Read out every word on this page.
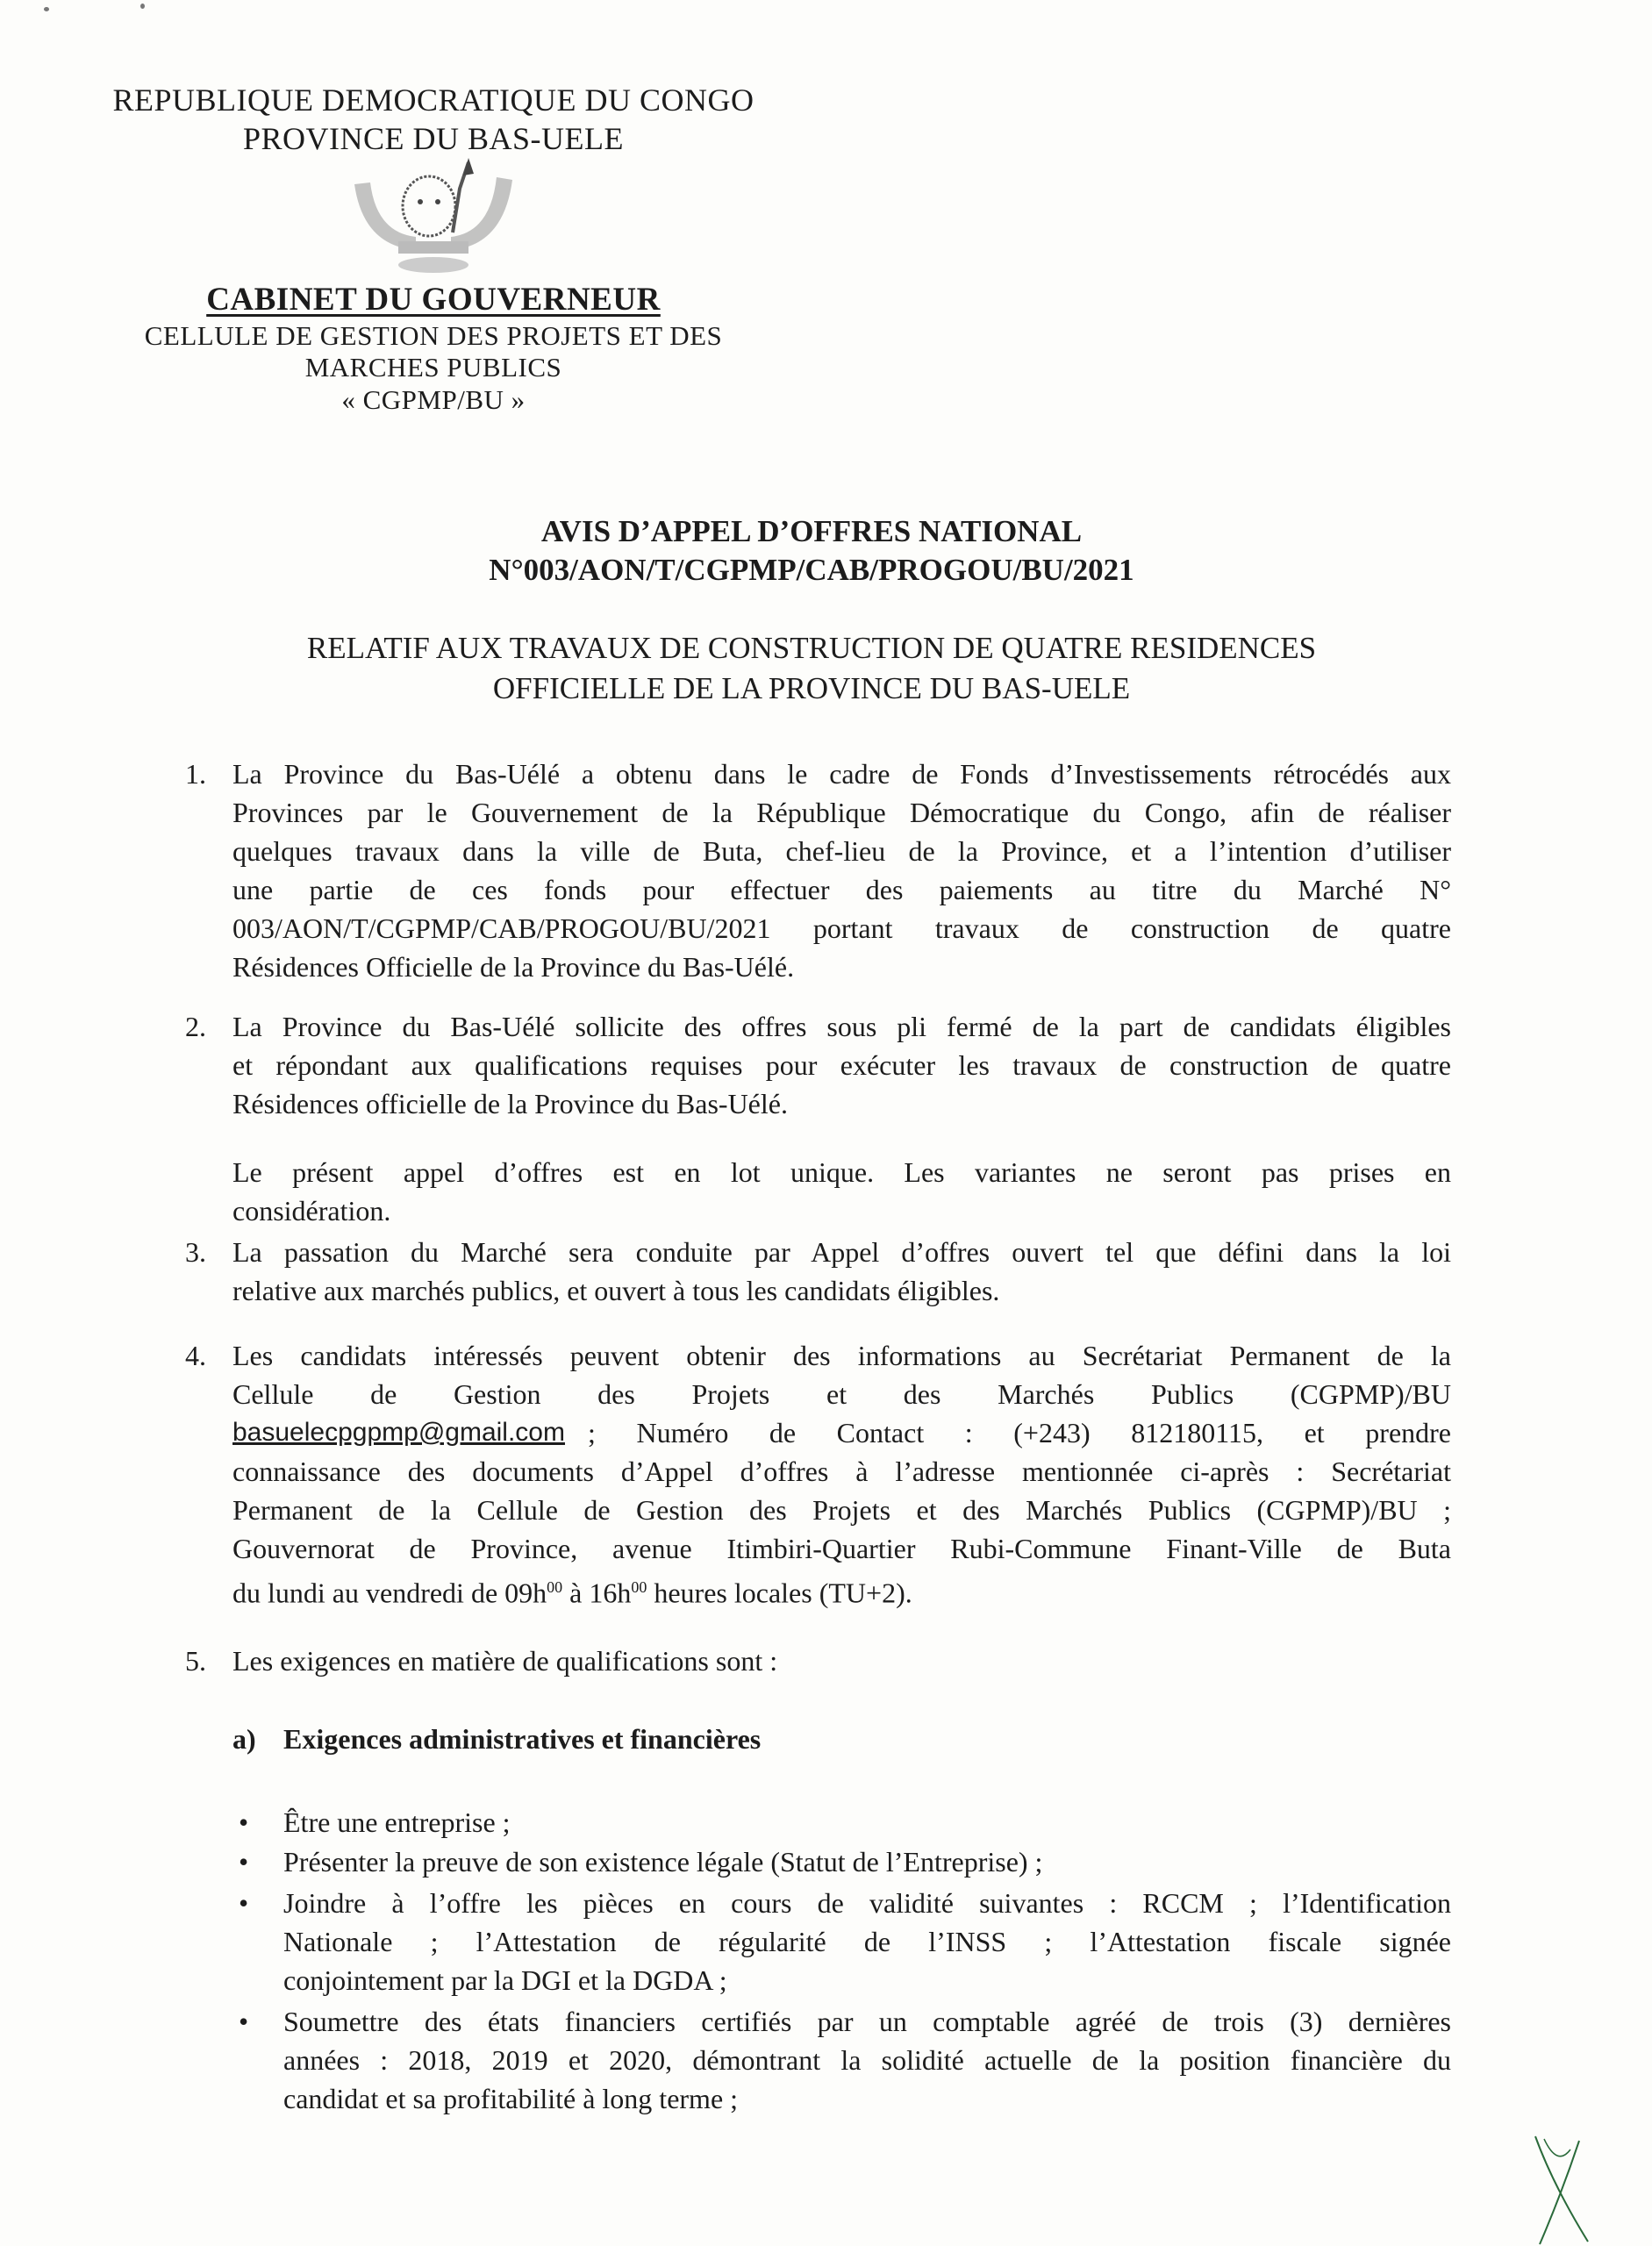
REPUBLIQUE DEMOCRATIQUE DU CONGO
PROVINCE DU BAS-UELE
CABINET DU GOUVERNEUR
CELLULE DE GESTION DES PROJETS ET DES
MARCHES PUBLICS
« CGPMP/BU »
AVIS D’APPEL D’OFFRES NATIONAL
N°003/AON/T/CGPMP/CAB/PROGOU/BU/2021
RELATIF AUX TRAVAUX DE CONSTRUCTION DE QUATRE RESIDENCES
OFFICIELLE DE LA PROVINCE DU BAS-UELE
1. La Province du Bas-Uélé a obtenu dans le cadre de Fonds d’Investissements rétrocédés aux
Provinces par le Gouvernement de la République Démocratique du Congo, afin de réaliser
quelques travaux dans la ville de Buta, chef-lieu de la Province, et a l’intention d’utiliser
une partie de ces fonds pour effectuer des paiements au titre du Marché N°
003/AON/T/CGPMP/CAB/PROGOU/BU/2021 portant travaux de construction de quatre
Résidences Officielle de la Province du Bas-Uélé.
2. La Province du Bas-Uélé sollicite des offres sous pli fermé de la part de candidats éligibles
et répondant aux qualifications requises pour exécuter les travaux de construction de quatre
Résidences officielle de la Province du Bas-Uélé.
Le présent appel d’offres est en lot unique. Les variantes ne seront pas prises en
considération.
3. La passation du Marché sera conduite par Appel d’offres ouvert tel que défini dans la loi
relative aux marchés publics, et ouvert à tous les candidats éligibles.
4. Les candidats intéressés peuvent obtenir des informations au Secrétariat Permanent de la
Cellule de Gestion des Projets et des Marchés Publics (CGPMP)/BU
basuelecpgpmp@gmail.com ; Numéro de Contact : (+243) 812180115, et prendre
connaissance des documents d’Appel d’offres à l’adresse mentionnée ci-après : Secrétariat
Permanent de la Cellule de Gestion des Projets et des Marchés Publics (CGPMP)/BU ;
Gouvernorat de Province, avenue Itimbiri-Quartier Rubi-Commune Finant-Ville de Buta
du lundi au vendredi de $09h^{00}$ à $16h^{00}$ heures locales (TU+2).
5. Les exigences en matière de qualifications sont :
a) Exigences administratives et financières
• Être une entreprise ;
• Présenter la preuve de son existence légale (Statut de l’Entreprise) ;
• Joindre à l’offre les pièces en cours de validité suivantes : RCCM ; l’Identification
Nationale ; l’Attestation de régularité de l’INSS ; l’Attestation fiscale signée
conjointement par la DGI et la DGDA ;
• Soumettre des états financiers certifiés par un comptable agréé de trois (3) dernières
années : 2018, 2019 et 2020, démontrant la solidité actuelle de la position financière du
candidat et sa profitabilité à long terme ;
